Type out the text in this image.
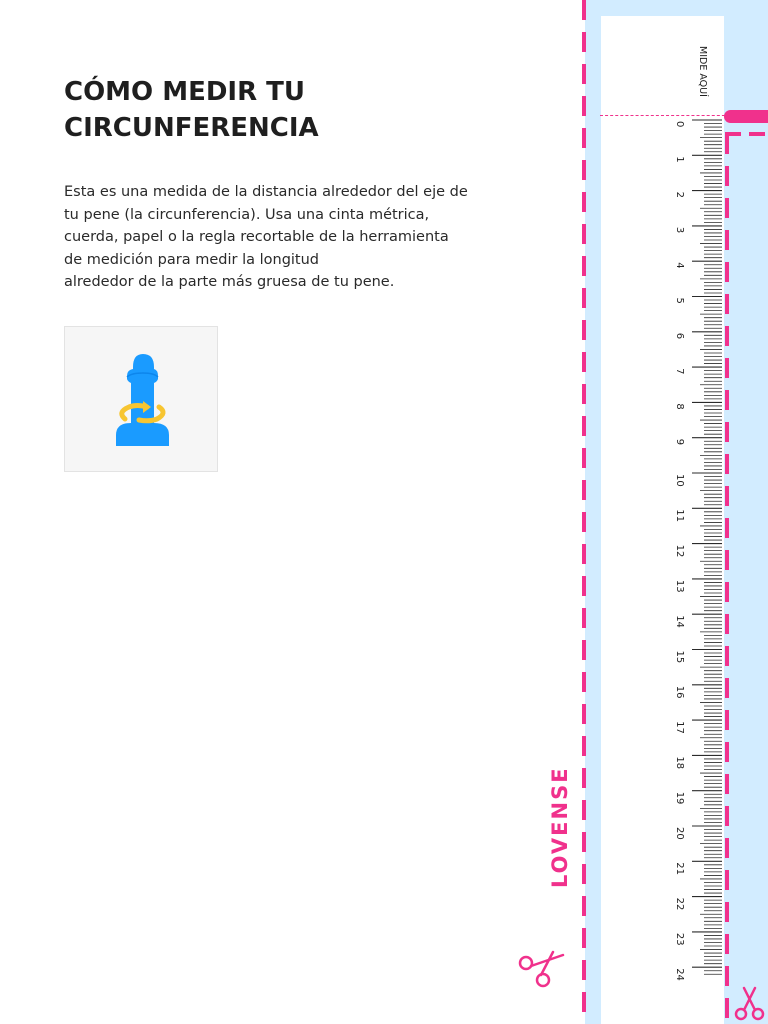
CÓMO MEDIR TU
CIRCUNFERENCIA

Esta es una medida de la distancia alrededor del eje de
tu pene (la circunferencia). Usa una cinta métrica,
cuerda, papel o la regla recortable de la herramienta
de medición para medir la longitud
alrededor de la parte más gruesa de tu pene.

0
1
2
3
4
5
6
7
8
9
10
11
12
13
14
15
16
17
18
19
20
21
22
23
24
MIDE AQUÍ
LOVENSE
